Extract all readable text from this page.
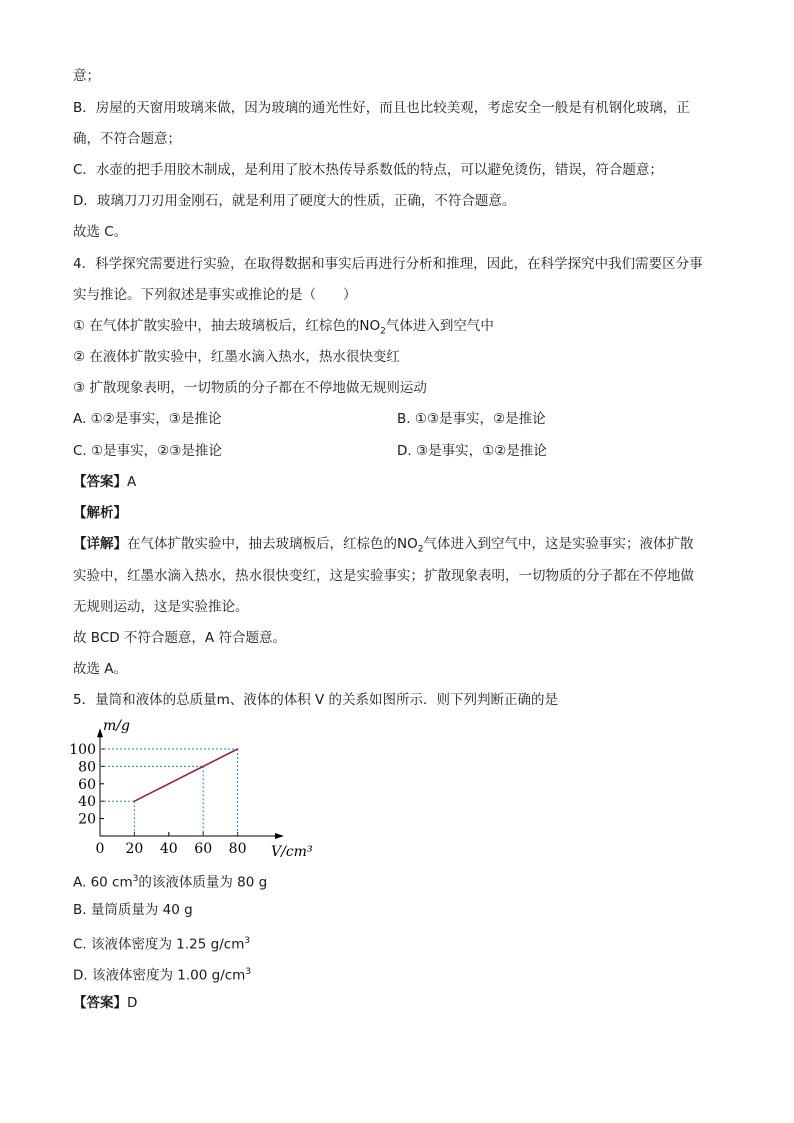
意；
B．房屋的天窗用玻璃来做，因为玻璃的通光性好，而且也比较美观，考虑安全一般是有机钢化玻璃，正
确，不符合题意；
C．水壶的把手用胶木制成，是利用了胶木热传导系数低的特点，可以避免烫伤，错误，符合题意；
D．玻璃刀刀刃用金刚石，就是利用了硬度大的性质，正确，不符合题意。
故选 C。
4．科学探究需要进行实验，在取得数据和事实后再进行分析和推理，因此，在科学探究中我们需要区分事
实与推论。下列叙述是事实或推论的是（　　）
① 在气体扩散实验中，抽去玻璃板后，红棕色的$NO_2$气体进入到空气中
② 在液体扩散实验中，红墨水滴入热水，热水很快变红
③ 扩散现象表明，一切物质的分子都在不停地做无规则运动
A. ①②是事实，③是推论	B. ①③是事实，②是推论
C. ①是事实，②③是推论	D. ③是事实，①②是推论
【答案】A
【解析】
【详解】在气体扩散实验中，抽去玻璃板后，红棕色的$NO_2$气体进入到空气中，这是实验事实；液体扩散
实验中，红墨水滴入热水，热水很快变红，这是实验事实；扩散现象表明，一切物质的分子都在不停地做
无规则运动，这是实验推论。
故 BCD 不符合题意，A 符合题意。
故选 A。
5．量筒和液体的总质量m、液体的体积 V 的关系如图所示．则下列判断正确的是
0 20 40 60 80
100
80
60
40
20
m/g
V/cm³
A. 60 $cm^3$的该液体质量为 80 g
B. 量筒质量为 40 g
C. 该液体密度为 1.25 $g/cm^3$
D. 该液体密度为 1.00 $g/cm^3$
【答案】D
